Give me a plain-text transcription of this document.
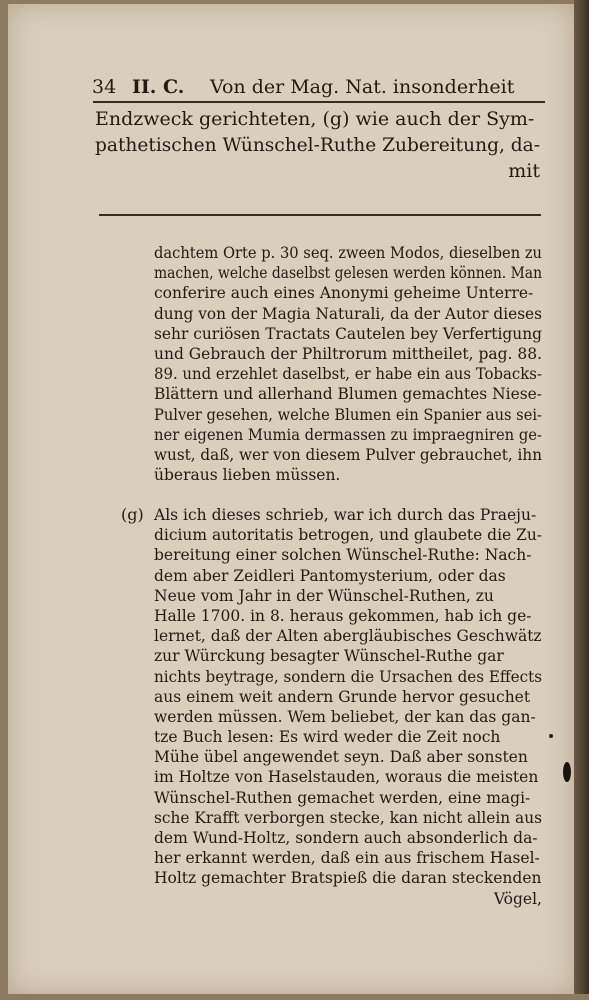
34 II. C. Von der Mag. Nat. insonderheit
Endzweck gerichteten, (g) wie auch der Sym-
pathetischen Wünschel-Ruthe Zubereitung, da-
mit
dachtem Orte p. 30 seq. zween Modos, dieselben zu
machen, welche daselbst gelesen werden können. Man
conferire auch eines Anonymi geheime Unterre-
dung von der Magia Naturali, da der Autor dieses
sehr curiösen Tractats Cautelen bey Verfertigung
und Gebrauch der Philtrorum mittheilet, pag. 88.
89. und erzehlet daselbst, er habe ein aus Tobacks-
Blättern und allerhand Blumen gemachtes Niese-
Pulver gesehen, welche Blumen ein Spanier aus sei-
ner eigenen Mumia dermassen zu impraegniren ge-
wust, daß, wer von diesem Pulver gebrauchet, ihn
überaus lieben müssen.
(g) Als ich dieses schrieb, war ich durch das Praeju-
dicium autoritatis betrogen, und glaubete die Zu-
bereitung einer solchen Wünschel-Ruthe: Nach-
dem aber Zeidleri Pantomysterium, oder das
Neue vom Jahr in der Wünschel-Ruthen, zu
Halle 1700. in 8. heraus gekommen, hab ich ge-
lernet, daß der Alten abergläubisches Geschwätz
zur Würckung besagter Wünschel-Ruthe gar
nichts beytrage, sondern die Ursachen des Effects
aus einem weit andern Grunde hervor gesuchet
werden müssen. Wem beliebet, der kan das gan-
tze Buch lesen: Es wird weder die Zeit noch
Mühe übel angewendet seyn. Daß aber sonsten
im Holtze von Haselstauden, woraus die meisten
Wünschel-Ruthen gemachet werden, eine magi-
sche Krafft verborgen stecke, kan nicht allein aus
dem Wund-Holtz, sondern auch absonderlich da-
her erkannt werden, daß ein aus frischem Hasel-
Holtz gemachter Bratspieß die daran steckenden
Vögel,
